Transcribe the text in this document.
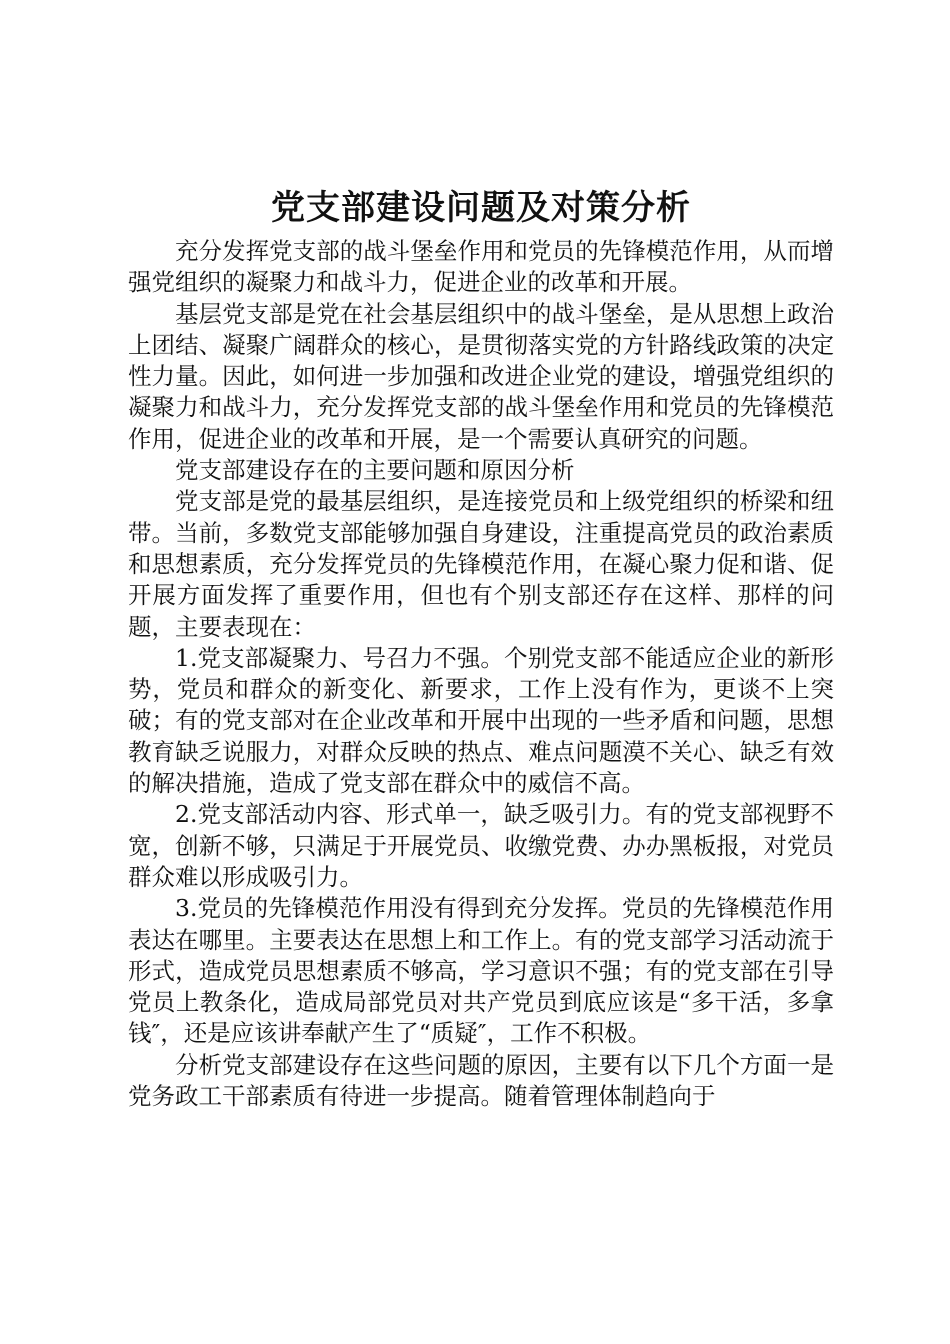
党支部建设问题及对策分析

充分发挥党支部的战斗堡垒作用和党员的先锋模范作用，从而增强党组织的凝聚力和战斗力，促进企业的改革和开展。

基层党支部是党在社会基层组织中的战斗堡垒，是从思想上政治上团结、凝聚广阔群众的核心，是贯彻落实党的方针路线政策的决定性力量。因此，如何进一步加强和改进企业党的建设，增强党组织的凝聚力和战斗力，充分发挥党支部的战斗堡垒作用和党员的先锋模范作用，促进企业的改革和开展，是一个需要认真研究的问题。

党支部建设存在的主要问题和原因分析

党支部是党的最基层组织，是连接党员和上级党组织的桥梁和纽带。当前，多数党支部能够加强自身建设，注重提高党员的政治素质和思想素质，充分发挥党员的先锋模范作用，在凝心聚力促和谐、促开展方面发挥了重要作用，但也有个别支部还存在这样、那样的问题，主要表现在：

1.党支部凝聚力、号召力不强。个别党支部不能适应企业的新形势，党员和群众的新变化、新要求，工作上没有作为，更谈不上突破；有的党支部对在企业改革和开展中出现的一些矛盾和问题，思想教育缺乏说服力，对群众反映的热点、难点问题漠不关心、缺乏有效的解决措施，造成了党支部在群众中的威信不高。

2.党支部活动内容、形式单一，缺乏吸引力。有的党支部视野不宽，创新不够，只满足于开展党员、收缴党费、办办黑板报，对党员群众难以形成吸引力。

3.党员的先锋模范作用没有得到充分发挥。党员的先锋模范作用表达在哪里。主要表达在思想上和工作上。有的党支部学习活动流于形式，造成党员思想素质不够高，学习意识不强；有的党支部在引导党员上教条化，造成局部党员对共产党员到底应该是“多干活，多拿钱″，还是应该讲奉献产生了“质疑″，工作不积极。

分析党支部建设存在这些问题的原因，主要有以下几个方面一是党务政工干部素质有待进一步提高。随着管理体制趋向于
